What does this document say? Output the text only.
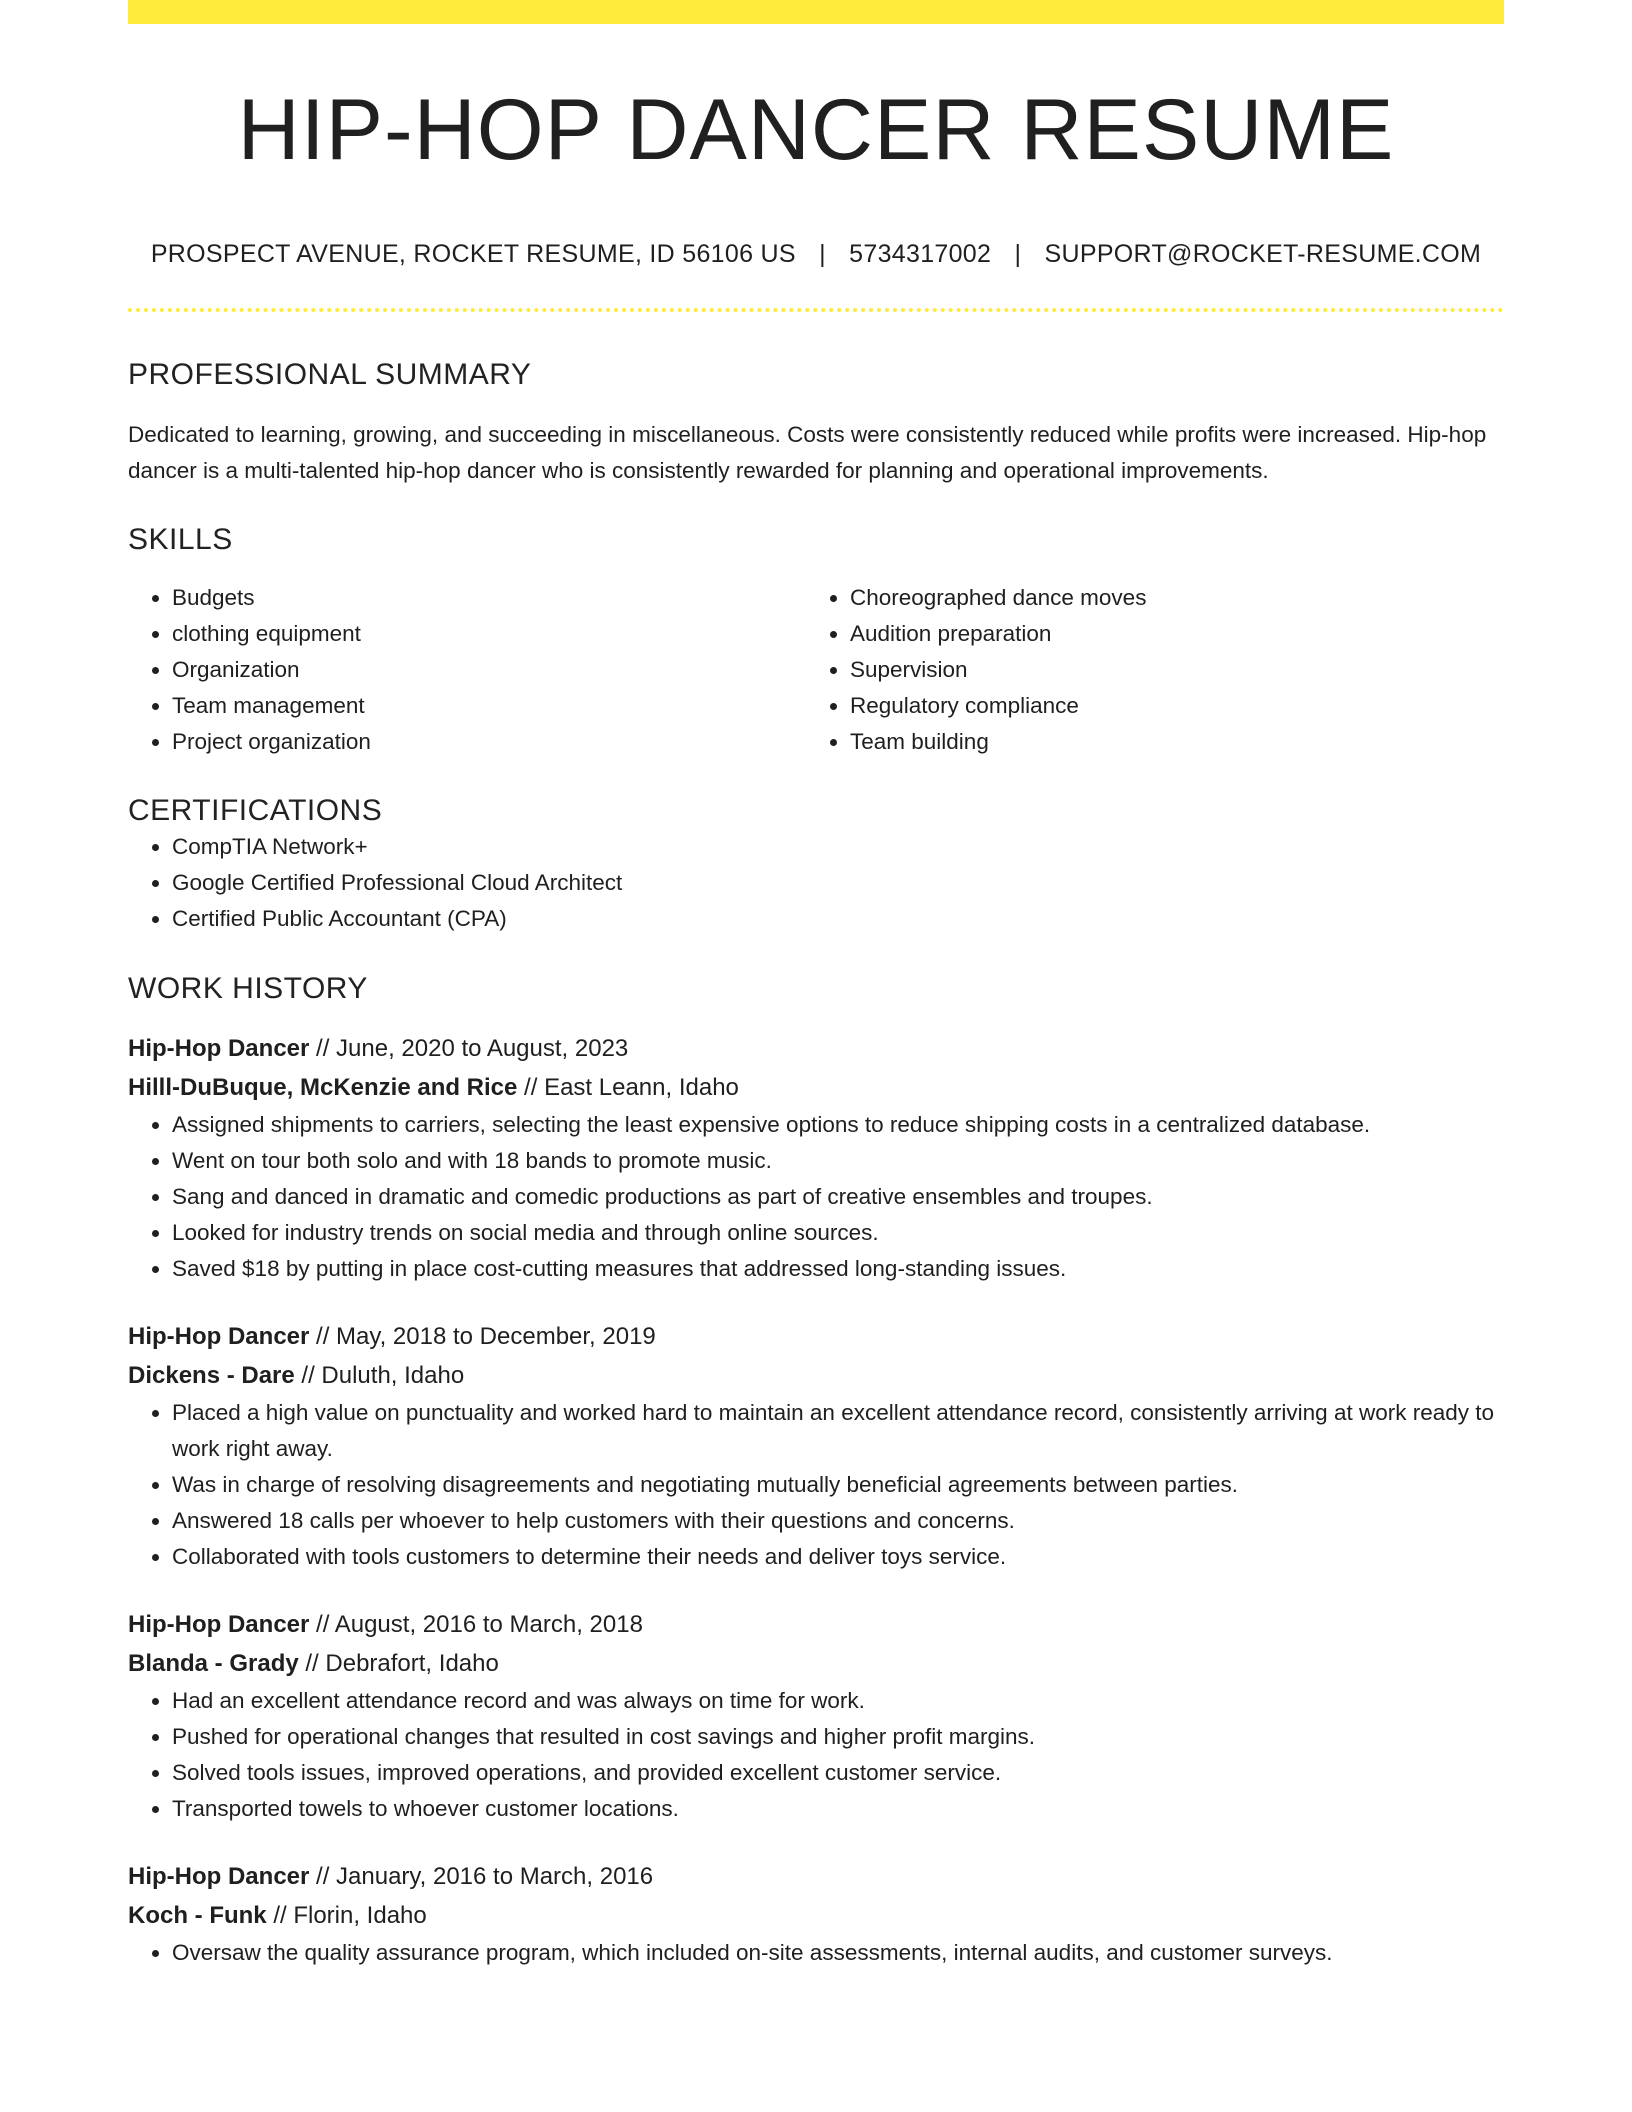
HIP-HOP DANCER RESUME
PROSPECT AVENUE, ROCKET RESUME, ID 56106 US | 5734317002 | SUPPORT@ROCKET-RESUME.COM
PROFESSIONAL SUMMARY

Dedicated to learning, growing, and succeeding in miscellaneous. Costs were consistently reduced while profits were increased. Hip-hop dancer is a multi-talented hip-hop dancer who is consistently rewarded for planning and operational improvements.

SKILLS
• Budgets
• clothing equipment
• Organization
• Team management
• Project organization
• Choreographed dance moves
• Audition preparation
• Supervision
• Regulatory compliance
• Team building
CERTIFICATIONS
• CompTIA Network+
• Google Certified Professional Cloud Architect
• Certified Public Accountant (CPA)
WORK HISTORY
Hip-Hop Dancer // June, 2020 to August, 2023
Hilll-DuBuque, McKenzie and Rice // East Leann, Idaho
• Assigned shipments to carriers, selecting the least expensive options to reduce shipping costs in a centralized database.
• Went on tour both solo and with 18 bands to promote music.
• Sang and danced in dramatic and comedic productions as part of creative ensembles and troupes.
• Looked for industry trends on social media and through online sources.
• Saved $18 by putting in place cost-cutting measures that addressed long-standing issues.
Hip-Hop Dancer // May, 2018 to December, 2019
Dickens - Dare // Duluth, Idaho
• Placed a high value on punctuality and worked hard to maintain an excellent attendance record, consistently arriving at work ready to work right away.
• Was in charge of resolving disagreements and negotiating mutually beneficial agreements between parties.
• Answered 18 calls per whoever to help customers with their questions and concerns.
• Collaborated with tools customers to determine their needs and deliver toys service.
Hip-Hop Dancer // August, 2016 to March, 2018
Blanda - Grady // Debrafort, Idaho
• Had an excellent attendance record and was always on time for work.
• Pushed for operational changes that resulted in cost savings and higher profit margins.
• Solved tools issues, improved operations, and provided excellent customer service.
• Transported towels to whoever customer locations.
Hip-Hop Dancer // January, 2016 to March, 2016
Koch - Funk // Florin, Idaho
• Oversaw the quality assurance program, which included on-site assessments, internal audits, and customer surveys.
